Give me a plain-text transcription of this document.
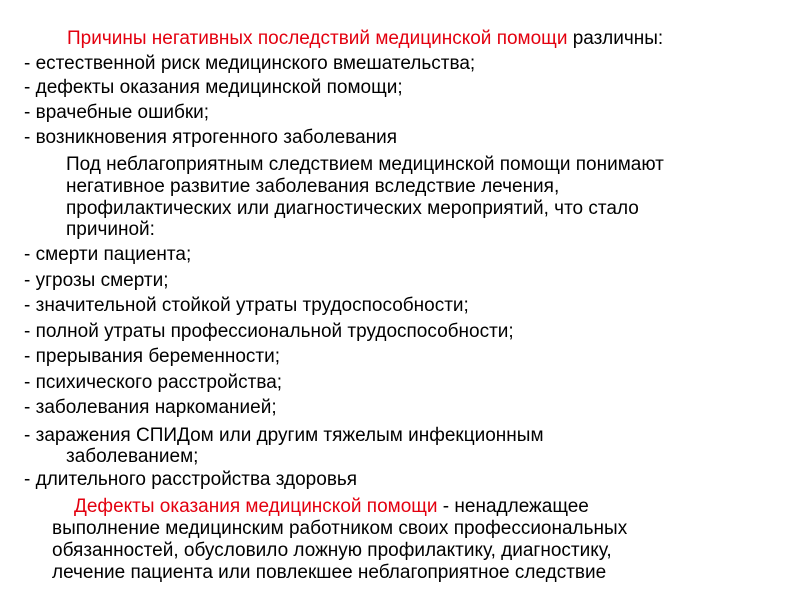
Причины негативных последствий медицинской помощи различны:
- естественной риск медицинского вмешательства;
- дефекты оказания медицинской помощи;
- врачебные ошибки;
- возникновения ятрогенного заболевания
Под неблагоприятным следствием медицинской помощи понимают
негативное развитие заболевания вследствие лечения,
профилактических или диагностических мероприятий, что стало
причиной:
- смерти пациента;
- угрозы смерти;
- значительной стойкой утраты трудоспособности;
- полной утраты профессиональной трудоспособности;
- прерывания беременности;
- психического расстройства;
- заболевания наркоманией;
- заражения СПИДом или другим тяжелым инфекционным
заболеванием;
- длительного расстройства здоровья
Дефекты оказания медицинской помощи - ненадлежащее
выполнение медицинским работником своих профессиональных
обязанностей, обусловило ложную профилактику, диагностику,
лечение пациента или повлекшее неблагоприятное следствие
